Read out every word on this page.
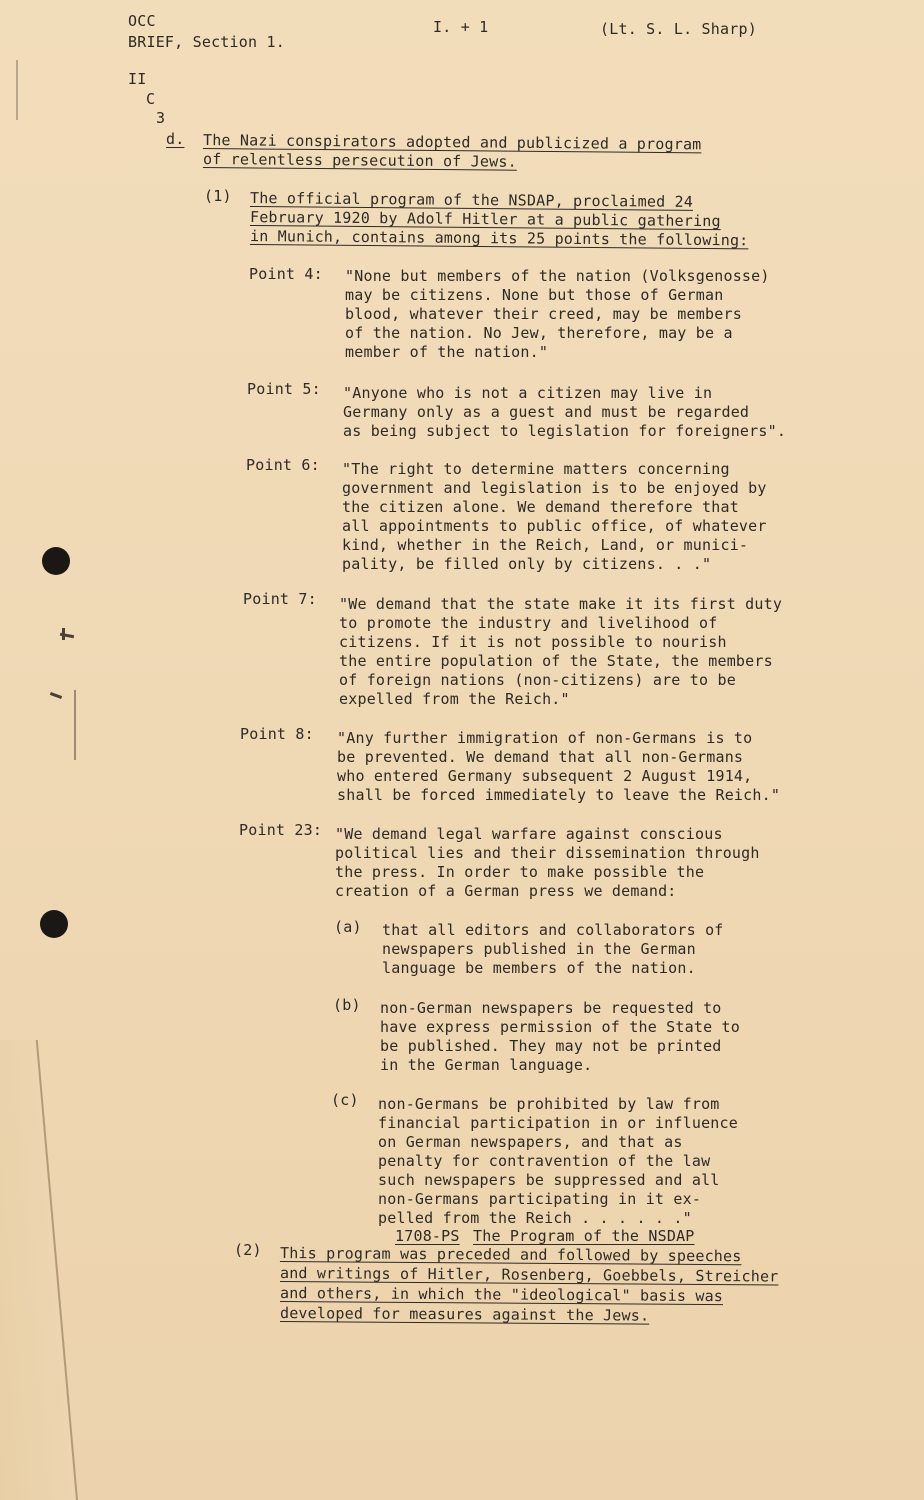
OCC
BRIEF, Section 1.
I. + 1	(Lt. S. L. Sharp)
II
C
3
d. The Nazi conspirators adopted and publicized a program
of relentless persecution of Jews.
(1) The official program of the NSDAP, proclaimed 24
February 1920 by Adolf Hitler at a public gathering
in Munich, contains among its 25 points the following:
Point 4: "None but members of the nation (Volksgenosse)
may be citizens. None but those of German
blood, whatever their creed, may be members
of the nation. No Jew, therefore, may be a
member of the nation."
Point 5: "Anyone who is not a citizen may live in
Germany only as a guest and must be regarded
as being subject to legislation for foreigners".
Point 6: "The right to determine matters concerning
government and legislation is to be enjoyed by
the citizen alone. We demand therefore that
all appointments to public office, of whatever
kind, whether in the Reich, Land, or munici-
pality, be filled only by citizens. . ."
Point 7: "We demand that the state make it its first duty
to promote the industry and livelihood of
citizens. If it is not possible to nourish
the entire population of the State, the members
of foreign nations (non-citizens) are to be
expelled from the Reich."
Point 8: "Any further immigration of non-Germans is to
be prevented. We demand that all non-Germans
who entered Germany subsequent 2 August 1914,
shall be forced immediately to leave the Reich."
Point 23: "We demand legal warfare against conscious
political lies and their dissemination through
the press. In order to make possible the
creation of a German press we demand:
(a) that all editors and collaborators of
newspapers published in the German
language be members of the nation.
(b) non-German newspapers be requested to
have express permission of the State to
be published. They may not be printed
in the German language.
(c) non-Germans be prohibited by law from
financial participation in or influence
on German newspapers, and that as
penalty for contravention of the law
such newspapers be suppressed and all
non-Germans participating in it ex-
pelled from the Reich . . . . . ."
1708-PS The Program of the NSDAP
(2) This program was preceded and followed by speeches
and writings of Hitler, Rosenberg, Goebbels, Streicher
and others, in which the "ideological" basis was
developed for measures against the Jews.
